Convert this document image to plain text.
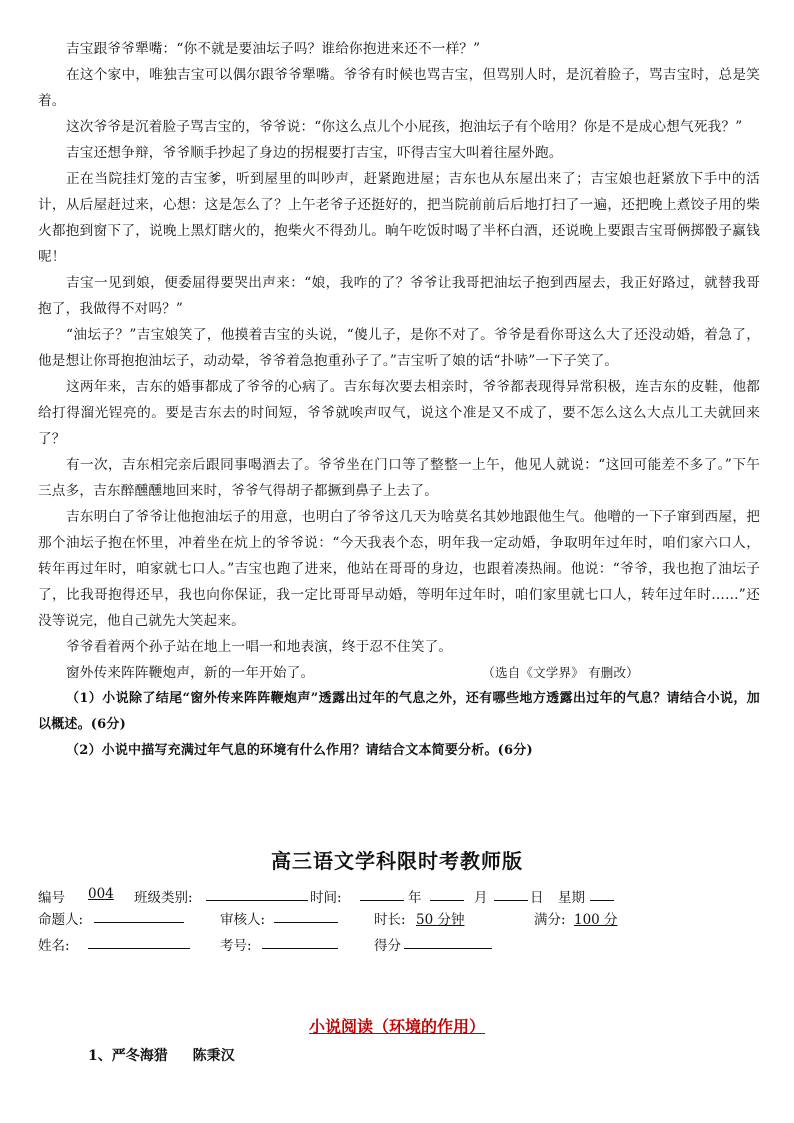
吉宝跟爷爷犟嘴：“你不就是要油坛子吗？谁给你抱进来还不一样？”

在这个家中，唯独吉宝可以偶尔跟爷爷犟嘴。爷爷有时候也骂吉宝，但骂别人时，是沉着脸子，骂吉宝时，总是笑着。

这次爷爷是沉着脸子骂吉宝的，爷爷说：“你这么点儿个小屁孩，抱油坛子有个啥用？你是不是成心想气死我？”

吉宝还想争辩，爷爷顺手抄起了身边的拐棍要打吉宝，吓得吉宝大叫着往屋外跑。

正在当院挂灯笼的吉宝爹，听到屋里的叫吵声，赶紧跑进屋；吉东也从东屋出来了；吉宝娘也赶紧放下手中的活计，从后屋赶过来，心想：这是怎么了？上午老爷子还挺好的，把当院前前后后地打扫了一遍，还把晚上煮饺子用的柴火都抱到窗下了，说晚上黑灯瞎火的，抱柴火不得劲儿。晌午吃饭时喝了半杯白酒，还说晚上要跟吉宝哥俩掷骰子赢钱呢！

吉宝一见到娘，便委屈得要哭出声来：“娘，我咋的了？爷爷让我哥把油坛子抱到西屋去，我正好路过，就替我哥抱了，我做得不对吗？”

“油坛子？”吉宝娘笑了，他摸着吉宝的头说，“傻儿子，是你不对了。爷爷是看你哥这么大了还没动婚，着急了，他是想让你哥抱抱油坛子，动动晕，爷爷着急抱重孙子了。”吉宝听了娘的话“扑哧”一下子笑了。

这两年来，吉东的婚事都成了爷爷的心病了。吉东每次要去相亲时，爷爷都表现得异常积极，连吉东的皮鞋，他都给打得溜光锃亮的。要是吉东去的时间短，爷爷就唉声叹气，说这个准是又不成了，要不怎么这么大点儿工夫就回来了？

有一次，吉东相完亲后跟同事喝酒去了。爷爷坐在门口等了整整一上午，他见人就说：“这回可能差不多了。”下午三点多，吉东醉醺醺地回来时，爷爷气得胡子都撅到鼻子上去了。

吉东明白了爷爷让他抱油坛子的用意，也明白了爷爷这几天为啥莫名其妙地跟他生气。他噌的一下子窜到西屋，把那个油坛子抱在怀里，冲着坐在炕上的爷爷说：“今天我表个态，明年我一定动婚，争取明年过年时，咱们家六口人，转年再过年时，咱家就七口人。”吉宝也跑了进来，他站在哥哥的身边，也跟着凑热闹。他说：“爷爷，我也抱了油坛子了，比我哥抱得还早，我也向你保证，我一定比哥哥早动婚，等明年过年时，咱们家里就七口人，转年过年时……”还没等说完，他自己就先大笑起来。

爷爷看着两个孙子站在地上一唱一和地表演，终于忍不住笑了。

窗外传来阵阵鞭炮声，新的一年开始了。	（选自《文学界》 有删改）

（1）小说除了结尾“窗外传来阵阵鞭炮声”透露出过年的气息之外，还有哪些地方透露出过年的气息？请结合小说，加以概述。(6分)

（2）小说中描写充满过年气息的环境有什么作用？请结合文本简要分析。(6分)

高三语文学科限时考教师版
编号 004 班级类别:	时间:	年	月	日 星期
命题人:	审核人:	时长: 50 分钟	满分: 100 分
姓名:	考号:	得分
小说阅读（环境的作用）
1、严冬海猎 陈秉汉
